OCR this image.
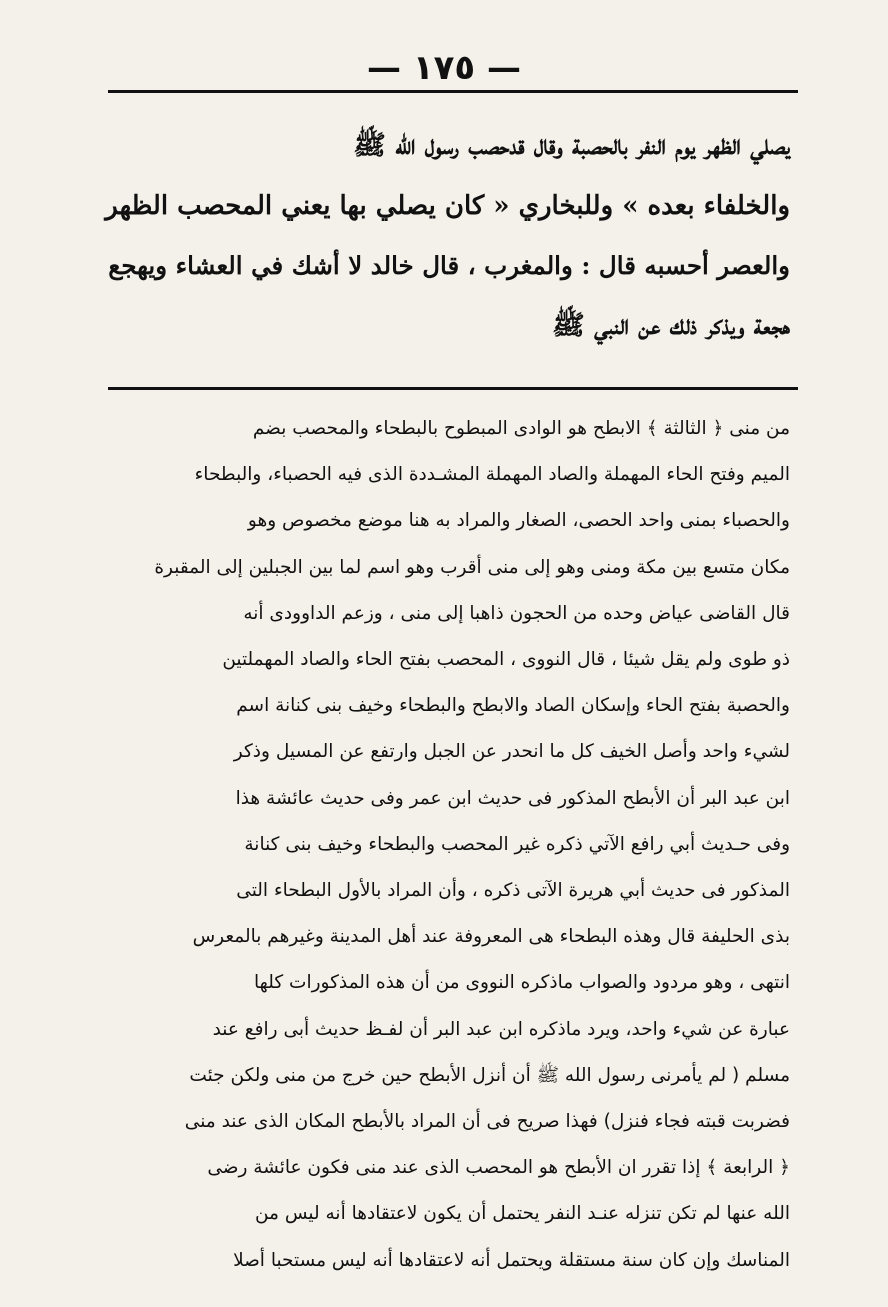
— ١٧٥ —
يصلي الظهر يوم النفر بالحصبة وقال قدحصب رسول الله ﷺ
والخلفاء بعده » وللبخاري « كان يصلي بها يعني المحصب الظهر
والعصر أحسبه قال : والمغرب ، قال خالد لا أشك في العشاء ويهجع
هجعة ويذكر ذلك عن النبي ﷺ
من منى ﴿ الثالثة ﴾ الابطح هو الوادى المبطوح بالبطحاء والمحصب بضم
الميم وفتح الحاء المهملة والصاد المهملة المشـددة الذى فيه الحصباء، والبطحاء
والحصباء بمنى واحد الحصى، الصغار والمراد به هنا موضع مخصوص وهو
مكان متسع بين مكة ومنى وهو إلى منى أقرب وهو اسم لما بين الجبلين إلى المقبرة
قال القاضى عياض وحده من الحجون ذاهبا إلى منى ، وزعم الداوودى أنه
ذو طوى ولم يقل شيئا ، قال النووى ، المحصب بفتح الحاء والصاد المهملتين
والحصبة بفتح الحاء وإسكان الصاد والابطح والبطحاء وخيف بنى كنانة اسم
لشيء واحد وأصل الخيف كل ما انحدر عن الجبل وارتفع عن المسيل وذكر
ابن عبد البر أن الأبطح المذكور فى حديث ابن عمر وفى حديث عائشة هذا
وفى حـديث أبي رافع الآتي ذكره غير المحصب والبطحاء وخيف بنى كنانة
المذكور فى حديث أبي هريرة الآتى ذكره ، وأن المراد بالأول البطحاء التى
بذى الحليفة قال وهذه البطحاء هى المعروفة عند أهل المدينة وغيرهم بالمعرس
انتهى ، وهو مردود والصواب ماذكره النووى من أن هذه المذكورات كلها
عبارة عن شيء واحد، ويرد ماذكره ابن عبد البر أن لفـظ حديث أبى رافع عند
مسلم ( لم يأمرنى رسول الله ﷺ أن أنزل الأبطح حين خرج من منى ولكن جئت
فضربت قبته فجاء فنزل) فهذا صريح فى أن المراد بالأبطح المكان الذى عند منى
﴿ الرابعة ﴾ إذا تقرر ان الأبطح هو المحصب الذى عند منى فكون عائشة رضى
الله عنها لم تكن تنزله عنـد النفر يحتمل أن يكون لاعتقادها أنه ليس من
المناسك وإن كان سنة مستقلة ويحتمل أنه لاعتقادها أنه ليس مستحبا أصلا
